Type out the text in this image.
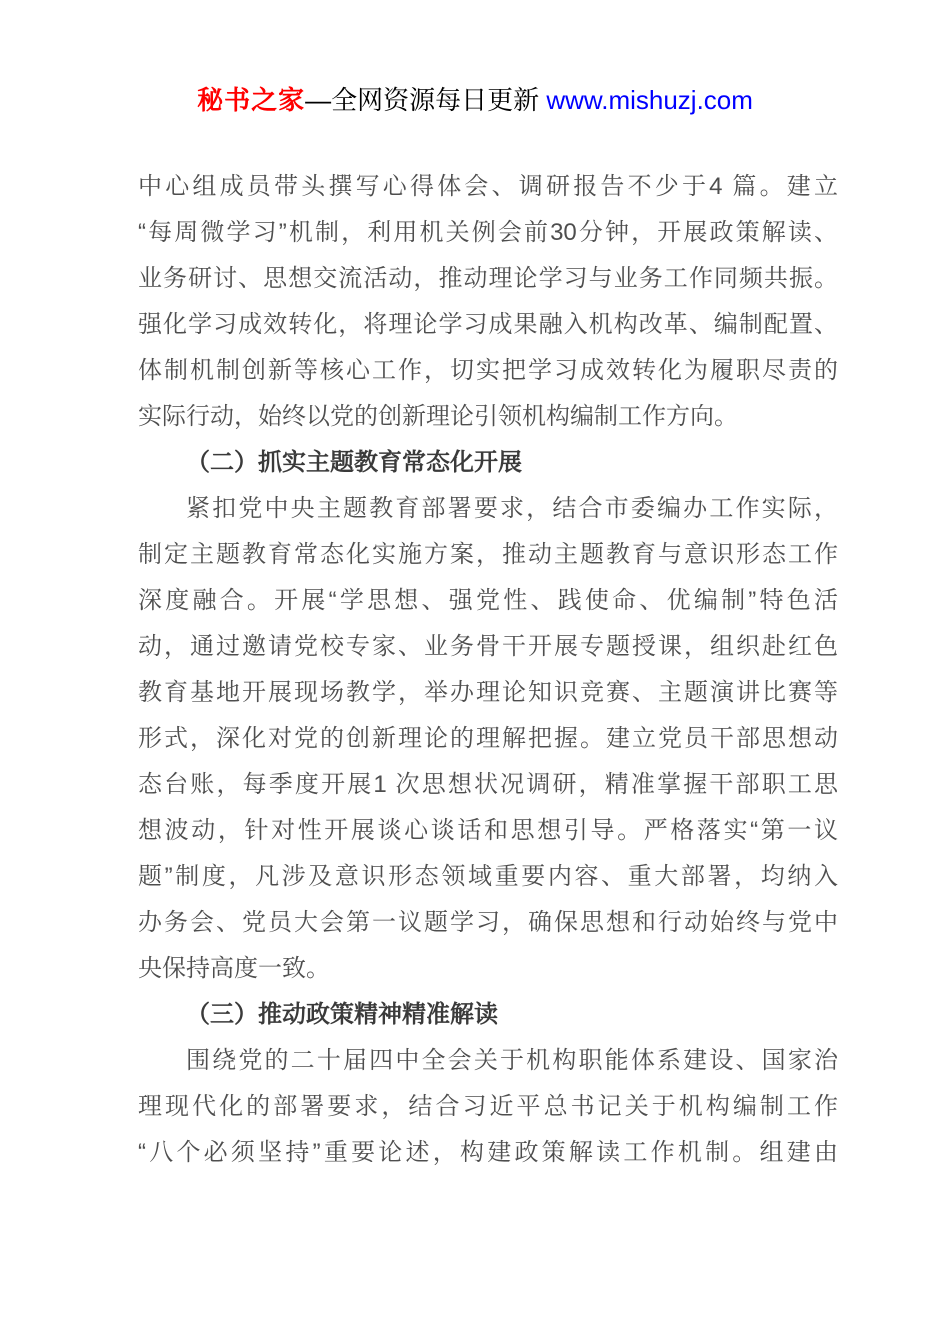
秘书之家—全网资源每日更新 www.mishuzj.com
中心组成员带头撰写心得体会、调研报告不少于4 篇。建立
“每周微学习”机制，利用机关例会前30分钟，开展政策解读、
业务研讨、思想交流活动，推动理论学习与业务工作同频共振。
强化学习成效转化，将理论学习成果融入机构改革、编制配置、
体制机制创新等核心工作，切实把学习成效转化为履职尽责的
实际行动，始终以党的创新理论引领机构编制工作方向。
（二）抓实主题教育常态化开展
紧扣党中央主题教育部署要求，结合市委编办工作实际，
制定主题教育常态化实施方案，推动主题教育与意识形态工作
深度融合。开展“学思想、强党性、践使命、优编制”特色活
动，通过邀请党校专家、业务骨干开展专题授课，组织赴红色
教育基地开展现场教学，举办理论知识竞赛、主题演讲比赛等
形式，深化对党的创新理论的理解把握。建立党员干部思想动
态台账，每季度开展1 次思想状况调研，精准掌握干部职工思
想波动，针对性开展谈心谈话和思想引导。严格落实“第一议
题”制度，凡涉及意识形态领域重要内容、重大部署，均纳入
办务会、党员大会第一议题学习，确保思想和行动始终与党中
央保持高度一致。
（三）推动政策精神精准解读
围绕党的二十届四中全会关于机构职能体系建设、国家治
理现代化的部署要求，结合习近平总书记关于机构编制工作
“八个必须坚持”重要论述，构建政策解读工作机制。组建由
